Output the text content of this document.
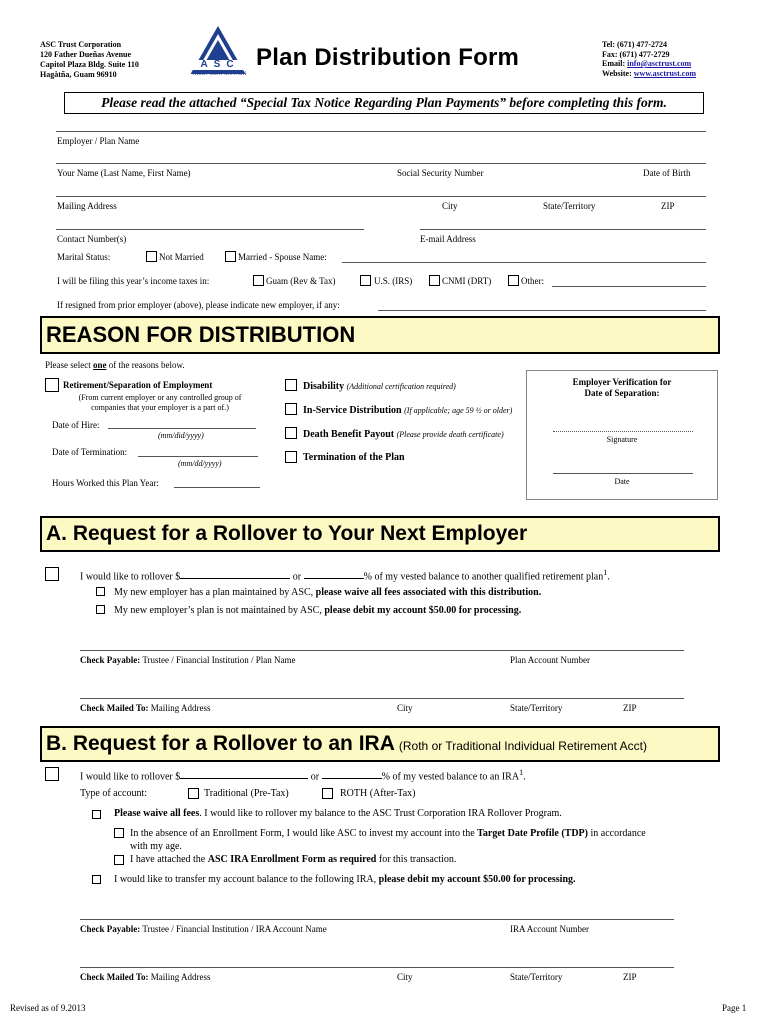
ASC Trust Corporation
120 Father Dueñas Avenue
Capitol Plaza Bldg. Suite 110
Hagåtña, Guam 96910
ASC
TRUST CORPORATION
Plan Distribution Form	Tel: (671) 477-2724
Fax: (671) 477-2729
Email: info@asctrust.com
Website: www.asctrust.com
Please read the attached “Special Tax Notice Regarding Plan Payments” before completing this form.
Employer / Plan Name
Your Name (Last Name, First Name)	Social Security Number	Date of Birth
Mailing Address	City	State/Territory	ZIP
Contact Number(s)	E-mail Address
Marital Status:	Not Married	Married - Spouse Name:
I will be filing this year’s income taxes in:	Guam (Rev & Tax)	U.S. (IRS)	CNMI (DRT)	Other:
If resigned from prior employer (above), please indicate new employer, if any:
REASON FOR DISTRIBUTION
Please select one of the reasons below.
Retirement/Separation of Employment
(From current employer or any controlled group of
companies that your employer is a part of.)
Date of Hire:
(mm/did/yyyy)
Date of Termination:
(mm/dd/yyyy)
Hours Worked this Plan Year:
Disability (Additional certification required)
In-Service Distribution (If applicable; age 59 ½ or older)
Death Benefit Payout (Please provide death certificate)
Termination of the Plan
Employer Verification for
Date of Separation:
Signature
Date
A. Request for a Rollover to Your Next Employer
I would like to rollover $	or	% of my vested balance to another qualified retirement plan$^1$.
My new employer has a plan maintained by ASC, please waive all fees associated with this distribution.
My new employer’s plan is not maintained by ASC, please debit my account $50.00 for processing.
Check Payable: Trustee / Financial Institution / Plan Name	Plan Account Number
Check Mailed To: Mailing Address	City	State/Territory	ZIP
B. Request for a Rollover to an IRA (Roth or Traditional Individual Retirement Acct)
I would like to rollover $	or	% of my vested balance to an IRA$^1$.
Type of account:	Traditional (Pre-Tax)	ROTH (After-Tax)
Please waive all fees. I would like to rollover my balance to the ASC Trust Corporation IRA Rollover Program.
In the absence of an Enrollment Form, I would like ASC to invest my account into the Target Date Profile (TDP) in accordance
with my age.
I have attached the ASC IRA Enrollment Form as required for this transaction.
I would like to transfer my account balance to the following IRA, please debit my account $50.00 for processing.
Check Payable: Trustee / Financial Institution / IRA Account Name	IRA Account Number
Check Mailed To: Mailing Address	City	State/Territory	ZIP
Revised as of 9.2013	Page 1
